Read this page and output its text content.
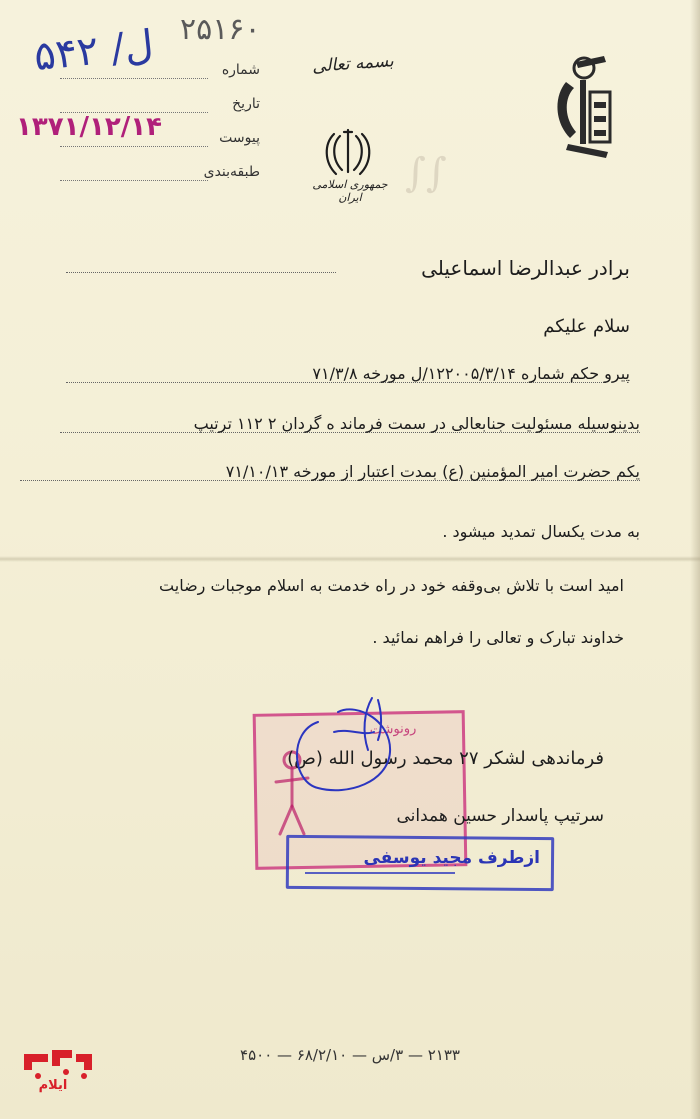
۲۵۱۶۰
۵۴۲ /ل
۱۳۷۱/۱۲/۱۴
شماره
تاریخ
پیوست
طبقه‌بندی
بسمه تعالی
جمهوری اسلامی ایران
∫∫
برادر عبدالرضا اسماعیلی
سلام علیکم
پیرو حکم شماره ۱۲۲۰۰۵/۳/۱۴/ل مورخه ۷۱/۳/۸
بدینوسیله مسئولیت جنابعالی در سمت فرماند ه گردان ۲ ۱۱۲ ترتیپ
یکم حضرت امیر المؤمنین (ع) بمدت اعتبار از مورخه ۷۱/۱۰/۱۳
به مدت یکسال تمدید میشود .
امید است با تلاش بی‌وقفه خود در راه خدمت به اسلام موجبات رضایت
خداوند تبارک و تعالی را فراهم نمائید .
رونوشت
فرماندهی لشکر ۲۷ محمد رسول الله (ص)
سرتیپ پاسدار حسین همدانی
ازطرف مجید یوسفی
۲۱۳۳ — ۳/س — ۶۸/۲/۱۰ — ۴۵۰۰
ایلام
